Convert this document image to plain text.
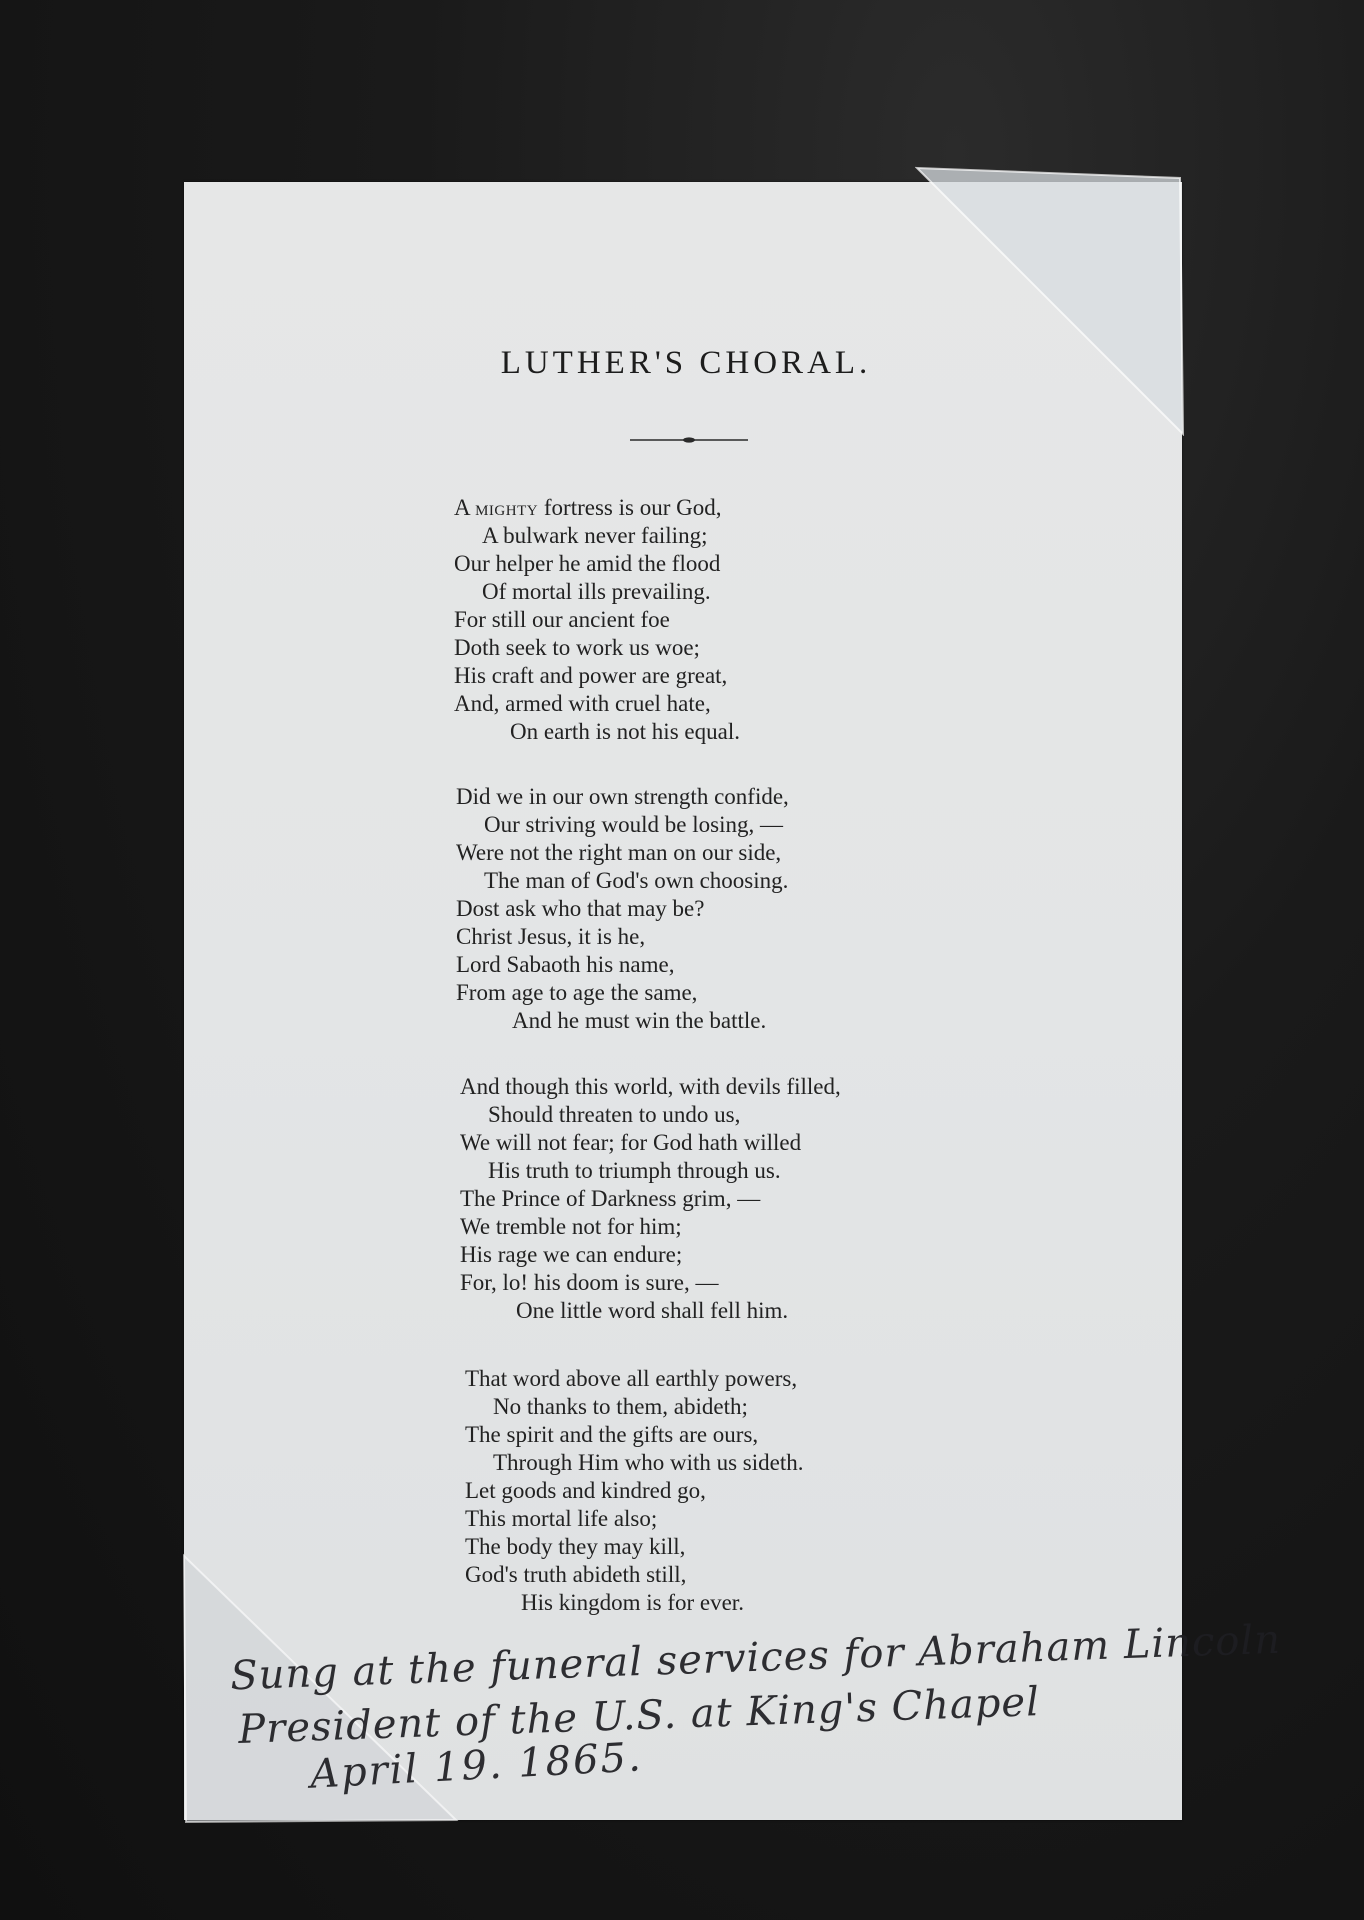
LUTHER'S CHORAL.
A mighty fortress is our God,
A bulwark never failing;
Our helper he amid the flood
Of mortal ills prevailing.
For still our ancient foe
Doth seek to work us woe;
His craft and power are great,
And, armed with cruel hate,
On earth is not his equal.
Did we in our own strength confide,
Our striving would be losing, —
Were not the right man on our side,
The man of God's own choosing.
Dost ask who that may be?
Christ Jesus, it is he,
Lord Sabaoth his name,
From age to age the same,
And he must win the battle.
And though this world, with devils filled,
Should threaten to undo us,
We will not fear; for God hath willed
His truth to triumph through us.
The Prince of Darkness grim, —
We tremble not for him;
His rage we can endure;
For, lo! his doom is sure, —
One little word shall fell him.
That word above all earthly powers,
No thanks to them, abideth;
The spirit and the gifts are ours,
Through Him who with us sideth.
Let goods and kindred go,
This mortal life also;
The body they may kill,
God's truth abideth still,
His kingdom is for ever.
Sung at the funeral services for Abraham Lincoln
President of the U.S. at King's Chapel
April 19. 1865.
